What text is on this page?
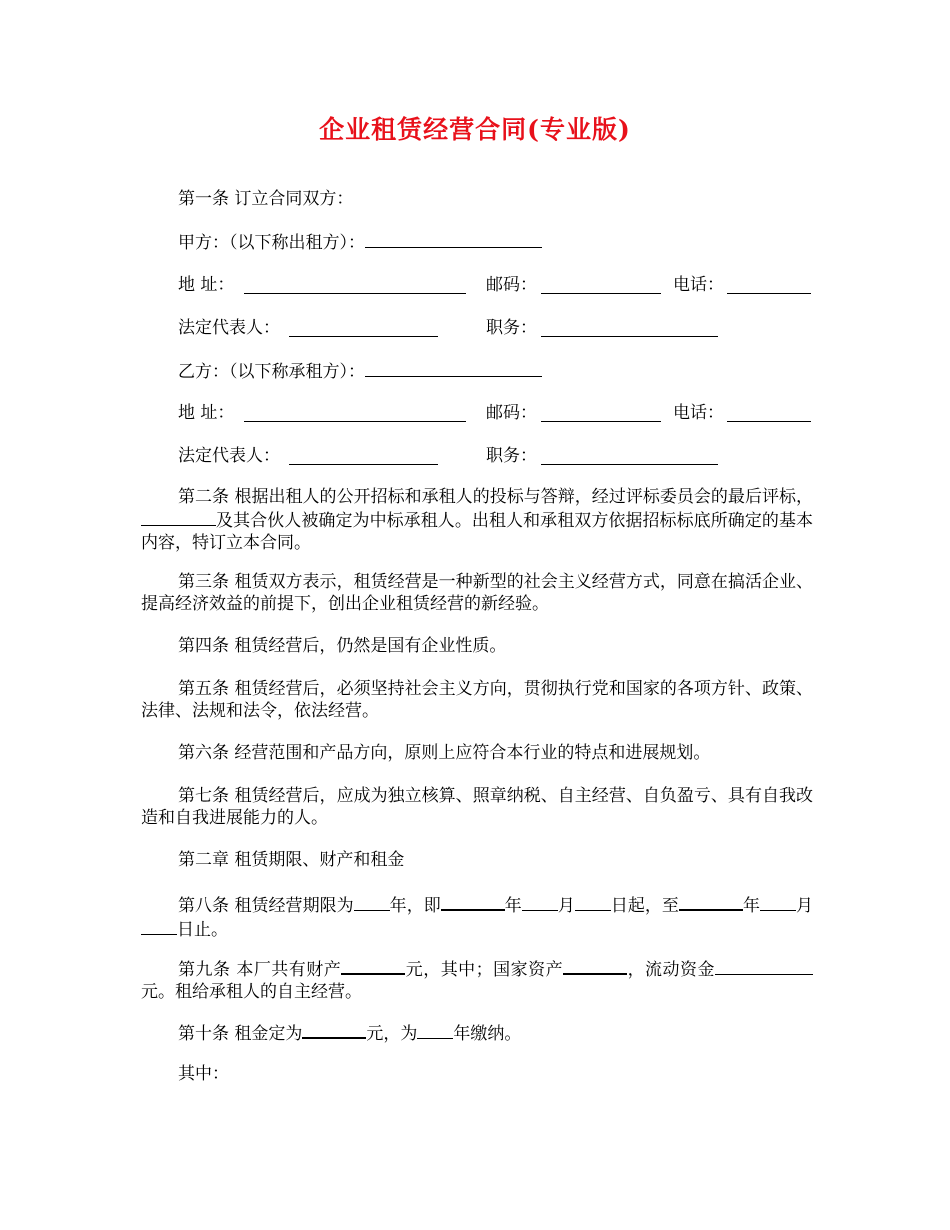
企业租赁经营合同(专业版)
第一条 订立合同双方：
甲方：（以下称出租方）：
地 址：	邮码：	电话：
法定代表人：	职务：
乙方：（以下称承租方）：
地 址：	邮码：	电话：
法定代表人：	职务：
第二条 根据出租人的公开招标和承租人的投标与答辩，经过评标委员会的最后评标，及其合伙人被确定为中标承租人。出租人和承租双方依据招标标底所确定的基本内容，特订立本合同。
第三条 租赁双方表示，租赁经营是一种新型的社会主义经营方式，同意在搞活企业、提高经济效益的前提下，创出企业租赁经营的新经验。
第四条 租赁经营后，仍然是国有企业性质。
第五条 租赁经营后，必须坚持社会主义方向，贯彻执行党和国家的各项方针、政策、法律、法规和法令，依法经营。
第六条 经营范围和产品方向，原则上应符合本行业的特点和进展规划。
第七条 租赁经营后，应成为独立核算、照章纳税、自主经营、自负盈亏、具有自我改造和自我进展能力的人。
第二章 租赁期限、财产和租金
第八条 租赁经营期限为 年，即	年 月 日起，至	年 月日止。
第九条 本厂共有财产	元，其中；国家资产	，流动资金元。租给承租人的自主经营。
第十条 租金定为	元，为 年缴纳。
其中：
